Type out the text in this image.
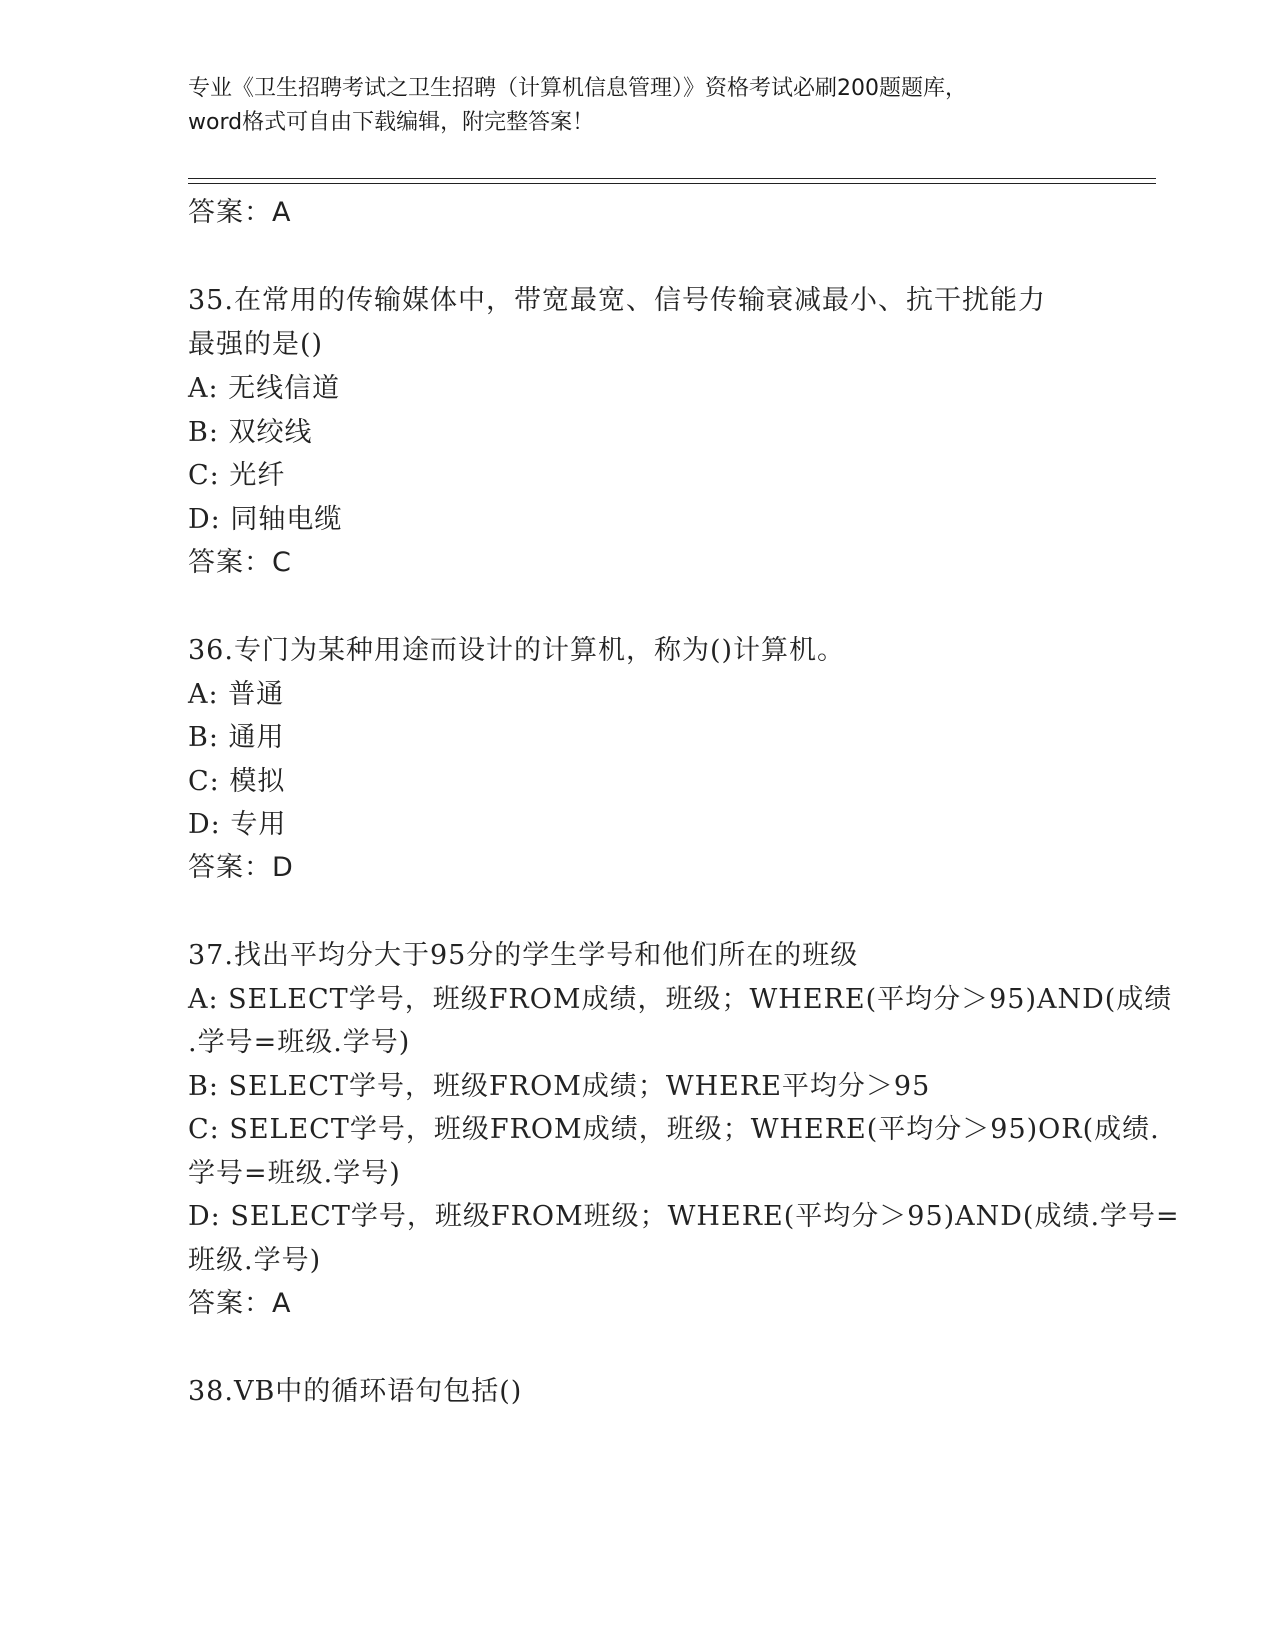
专业《卫生招聘考试之卫生招聘（计算机信息管理）》资格考试必刷200题题库，
word格式可自由下载编辑，附完整答案！
答案：A
35.在常用的传输媒体中，带宽最宽、信号传输衰减最小、抗干扰能力
最强的是()
A: 无线信道
B: 双绞线
C: 光纤
D: 同轴电缆
答案：C
36.专门为某种用途而设计的计算机，称为()计算机。
A: 普通
B: 通用
C: 模拟
D: 专用
答案：D
37.找出平均分大于95分的学生学号和他们所在的班级
A: SELECT学号，班级FROM成绩，班级；WHERE(平均分＞95)AND(成绩
.学号=班级.学号)
B: SELECT学号，班级FROM成绩；WHERE平均分＞95
C: SELECT学号，班级FROM成绩，班级；WHERE(平均分＞95)OR(成绩.
学号=班级.学号)
D: SELECT学号，班级FROM班级；WHERE(平均分＞95)AND(成绩.学号=
班级.学号)
答案：A
38.VB中的循环语句包括()
